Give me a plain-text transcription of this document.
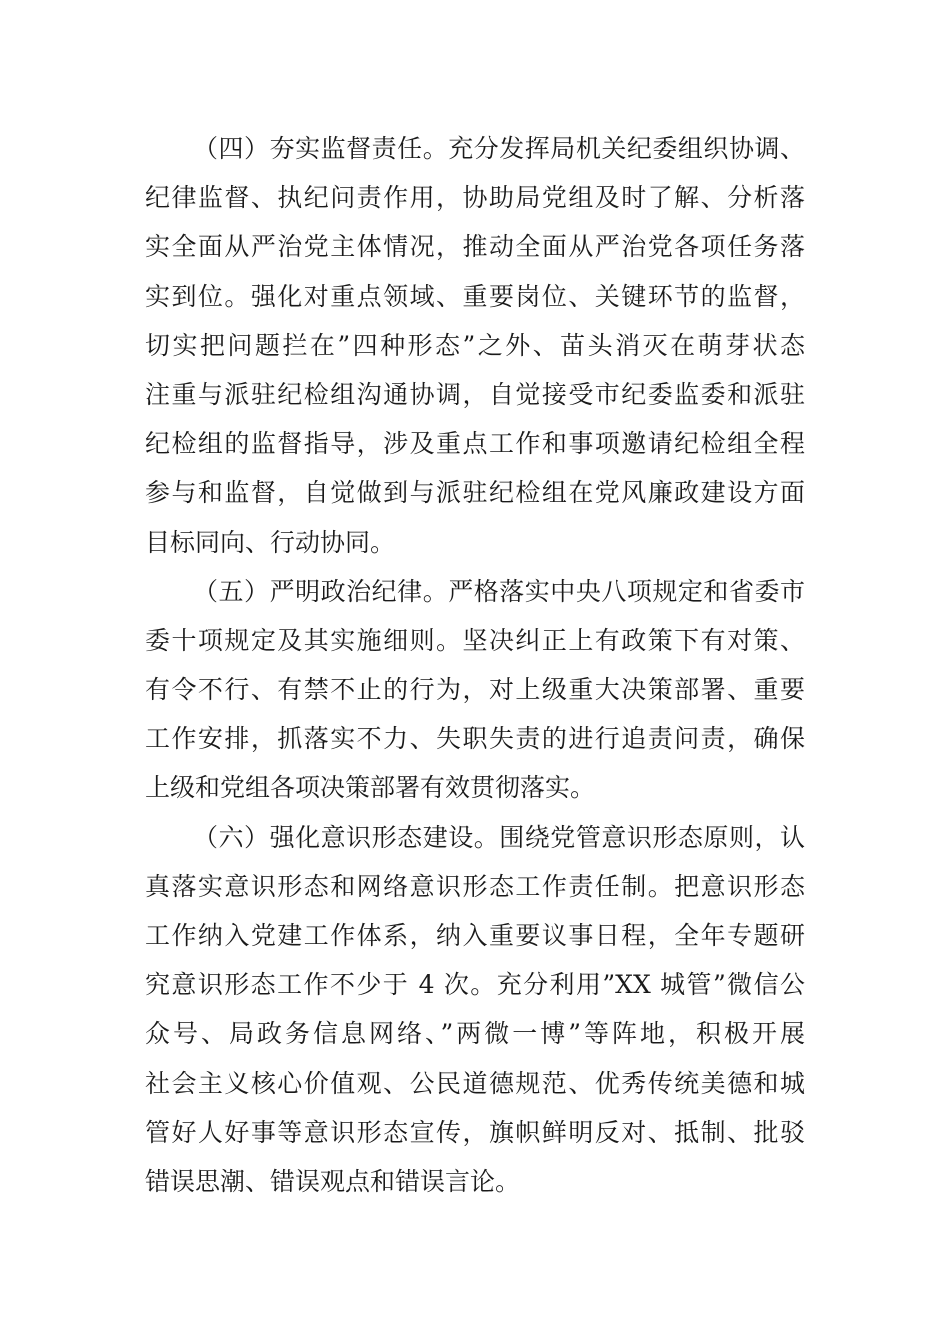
（四）夯实监督责任。充分发挥局机关纪委组织协调、
纪律监督、执纪问责作用，协助局党组及时了解、分析落
实全面从严治党主体情况，推动全面从严治党各项任务落
实到位。强化对重点领域、重要岗位、关键环节的监督，
切实把问题拦在”四种形态”之外、苗头消灭在萌芽状态
注重与派驻纪检组沟通协调，自觉接受市纪委监委和派驻
纪检组的监督指导，涉及重点工作和事项邀请纪检组全程
参与和监督，自觉做到与派驻纪检组在党风廉政建设方面
目标同向、行动协同。
（五）严明政治纪律。严格落实中央八项规定和省委市
委十项规定及其实施细则。坚决纠正上有政策下有对策、
有令不行、有禁不止的行为，对上级重大决策部署、重要
工作安排，抓落实不力、失职失责的进行追责问责，确保
上级和党组各项决策部署有效贯彻落实。
（六）强化意识形态建设。围绕党管意识形态原则，认
真落实意识形态和网络意识形态工作责任制。把意识形态
工作纳入党建工作体系，纳入重要议事日程，全年专题研
究意识形态工作不少于 4 次。充分利用”XX 城管”微信公
众号、局政务信息网络、”两微一博”等阵地，积极开展
社会主义核心价值观、公民道德规范、优秀传统美德和城
管好人好事等意识形态宣传，旗帜鲜明反对、抵制、批驳
错误思潮、错误观点和错误言论。
